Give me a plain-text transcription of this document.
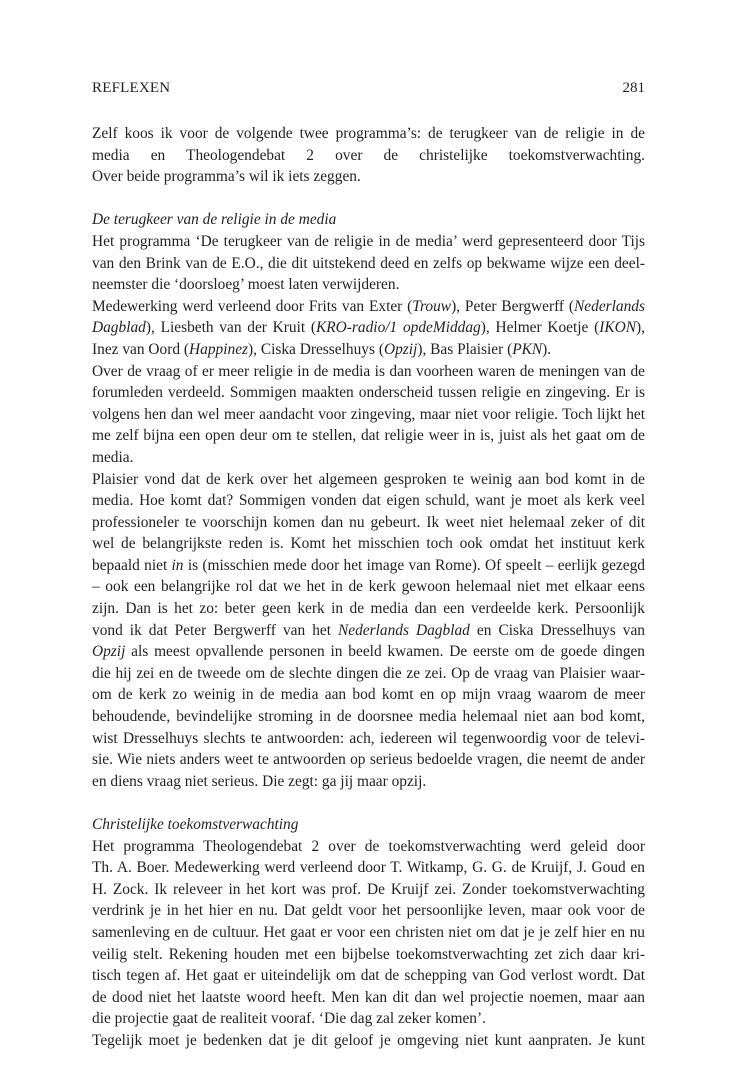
REFLEXEN	281
Zelf koos ik voor de volgende twee programma’s: de terugkeer van de religie in de
media en Theologendebat 2 over de christelijke toekomstverwachting.
Over beide programma’s wil ik iets zeggen.
De terugkeer van de religie in de media
Het programma ‘De terugkeer van de religie in de media’ werd gepresenteerd door Tijs
van den Brink van de E.O., die dit uitstekend deed en zelfs op bekwame wijze een deel-
neemster die ‘doorsloeg’ moest laten verwijderen.
Medewerking werd verleend door Frits van Exter (Trouw), Peter Bergwerff (Nederlands
Dagblad), Liesbeth van der Kruit (KRO-radio/1 opdeMiddag), Helmer Koetje (IKON),
Inez van Oord (Happinez), Ciska Dresselhuys (Opzij), Bas Plaisier (PKN).
Over de vraag of er meer religie in de media is dan voorheen waren de meningen van de
forumleden verdeeld. Sommigen maakten onderscheid tussen religie en zingeving. Er is
volgens hen dan wel meer aandacht voor zingeving, maar niet voor religie. Toch lijkt het
me zelf bijna een open deur om te stellen, dat religie weer in is, juist als het gaat om de
media.
Plaisier vond dat de kerk over het algemeen gesproken te weinig aan bod komt in de
media. Hoe komt dat? Sommigen vonden dat eigen schuld, want je moet als kerk veel
professioneler te voorschijn komen dan nu gebeurt. Ik weet niet helemaal zeker of dit
wel de belangrijkste reden is. Komt het misschien toch ook omdat het instituut kerk
bepaald niet in is (misschien mede door het image van Rome). Of speelt – eerlijk gezegd
– ook een belangrijke rol dat we het in de kerk gewoon helemaal niet met elkaar eens
zijn. Dan is het zo: beter geen kerk in de media dan een verdeelde kerk. Persoonlijk
vond ik dat Peter Bergwerff van het Nederlands Dagblad en Ciska Dresselhuys van
Opzij als meest opvallende personen in beeld kwamen. De eerste om de goede dingen
die hij zei en de tweede om de slechte dingen die ze zei. Op de vraag van Plaisier waar-
om de kerk zo weinig in de media aan bod komt en op mijn vraag waarom de meer
behoudende, bevindelijke stroming in de doorsnee media helemaal niet aan bod komt,
wist Dresselhuys slechts te antwoorden: ach, iedereen wil tegenwoordig voor de televi-
sie. Wie niets anders weet te antwoorden op serieus bedoelde vragen, die neemt de ander
en diens vraag niet serieus. Die zegt: ga jij maar opzij.
Christelijke toekomstverwachting
Het programma Theologendebat 2 over de toekomstverwachting werd geleid door
Th. A. Boer. Medewerking werd verleend door T. Witkamp, G. G. de Kruijf, J. Goud en
H. Zock. Ik releveer in het kort was prof. De Kruijf zei. Zonder toekomstverwachting
verdrink je in het hier en nu. Dat geldt voor het persoonlijke leven, maar ook voor de
samenleving en de cultuur. Het gaat er voor een christen niet om dat je je zelf hier en nu
veilig stelt. Rekening houden met een bijbelse toekomstverwachting zet zich daar kri-
tisch tegen af. Het gaat er uiteindelijk om dat de schepping van God verlost wordt. Dat
de dood niet het laatste woord heeft. Men kan dit dan wel projectie noemen, maar aan
die projectie gaat de realiteit vooraf. ‘Die dag zal zeker komen’.
Tegelijk moet je bedenken dat je dit geloof je omgeving niet kunt aanpraten. Je kunt
